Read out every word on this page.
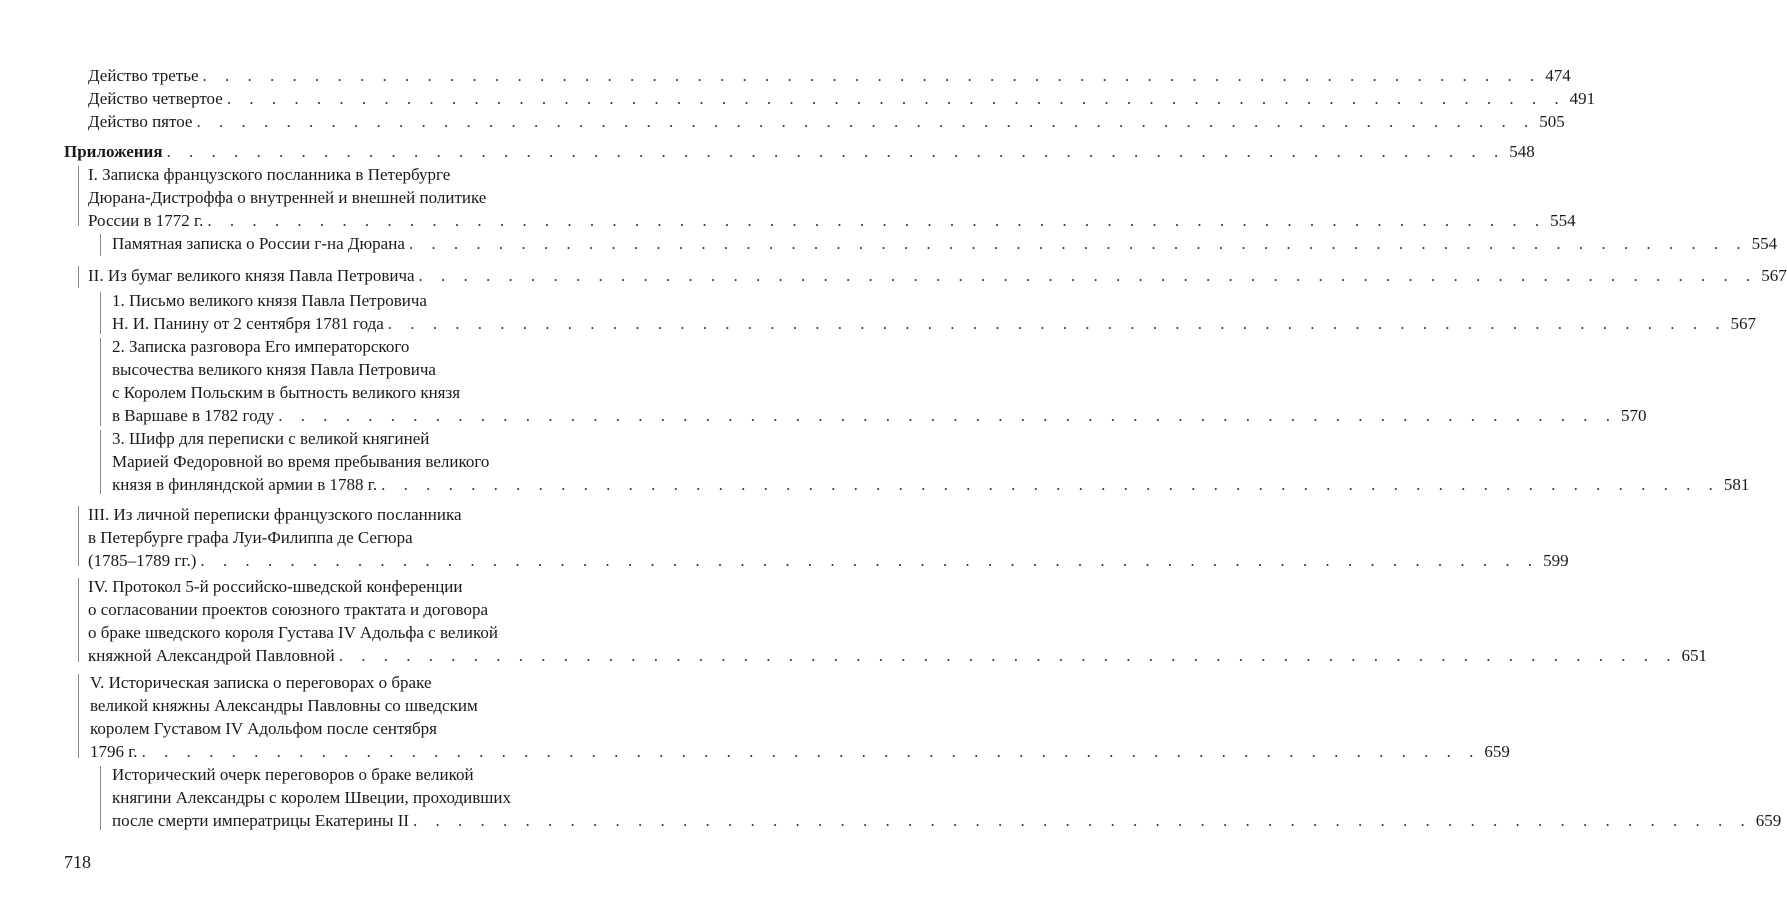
Действо третье . . . . . . . . . . . . . . . . . . . . . . . . . . . . . . . . . . . . . . . . . . . . . . . . . . . . . . . . . . . . 474
Действо четвертое . . . . . . . . . . . . . . . . . . . . . . . . . . . . . . . . . . . . . . . . . . . . . . . . . . . . . . . . . . . . 491
Действо пятое . . . . . . . . . . . . . . . . . . . . . . . . . . . . . . . . . . . . . . . . . . . . . . . . . . . . . . . . . . . . 505
Приложения . . . . . . . . . . . . . . . . . . . . . . . . . . . . . . . . . . . . . . . . . . . . . . . . . . . . . . . . . . . . 548
I. Записка французского посланника в Петербурге
Дюрана-Дистроффа о внутренней и внешней политике
России в 1772 г. . . . . . . . . . . . . . . . . . . . . . . . . . . . . . . . . . . . . . . . . . . . . . . . . . . . . . . . . . . . . 554
Памятная записка о России г-на Дюрана . . . . . . . . . . . . . . . . . . . . . . . . . . . . . . . . . . . . . . . . . . . . . . . . . . . . . . . . . . . . 554
II. Из бумаг великого князя Павла Петровича . . . . . . . . . . . . . . . . . . . . . . . . . . . . . . . . . . . . . . . . . . . . . . . . . . . . . . . . . . . . 567
1. Письмо великого князя Павла Петровича
Н. И. Панину от 2 сентября 1781 года . . . . . . . . . . . . . . . . . . . . . . . . . . . . . . . . . . . . . . . . . . . . . . . . . . . . . . . . . . . . 567
2. Записка разговора Его императорского
высочества великого князя Павла Петровича
с Королем Польским в бытность великого князя
в Варшаве в 1782 году . . . . . . . . . . . . . . . . . . . . . . . . . . . . . . . . . . . . . . . . . . . . . . . . . . . . . . . . . . . . 570
3. Шифр для переписки с великой княгиней
Марией Федоровной во время пребывания великого
князя в финляндской армии в 1788 г. . . . . . . . . . . . . . . . . . . . . . . . . . . . . . . . . . . . . . . . . . . . . . . . . . . . . . . . . . . . . 581
III. Из личной переписки французского посланника
в Петербурге графа Луи-Филиппа де Сегюра
(1785–1789 гг.) . . . . . . . . . . . . . . . . . . . . . . . . . . . . . . . . . . . . . . . . . . . . . . . . . . . . . . . . . . . . 599
IV. Протокол 5-й российско-шведской конференции
о согласовании проектов союзного трактата и договора
о браке шведского короля Густава IV Адольфа с великой
княжной Александрой Павловной . . . . . . . . . . . . . . . . . . . . . . . . . . . . . . . . . . . . . . . . . . . . . . . . . . . . . . . . . . . . 651
V. Историческая записка о переговорах о браке
великой княжны Александры Павловны со шведским
королем Густавом IV Адольфом после сентября
1796 г. . . . . . . . . . . . . . . . . . . . . . . . . . . . . . . . . . . . . . . . . . . . . . . . . . . . . . . . . . . . . 659
Исторический очерк переговоров о браке великой
княгини Александры с королем Швеции, проходивших
после смерти императрицы Екатерины II . . . . . . . . . . . . . . . . . . . . . . . . . . . . . . . . . . . . . . . . . . . . . . . . . . . . . . . . . . . . 659
718
